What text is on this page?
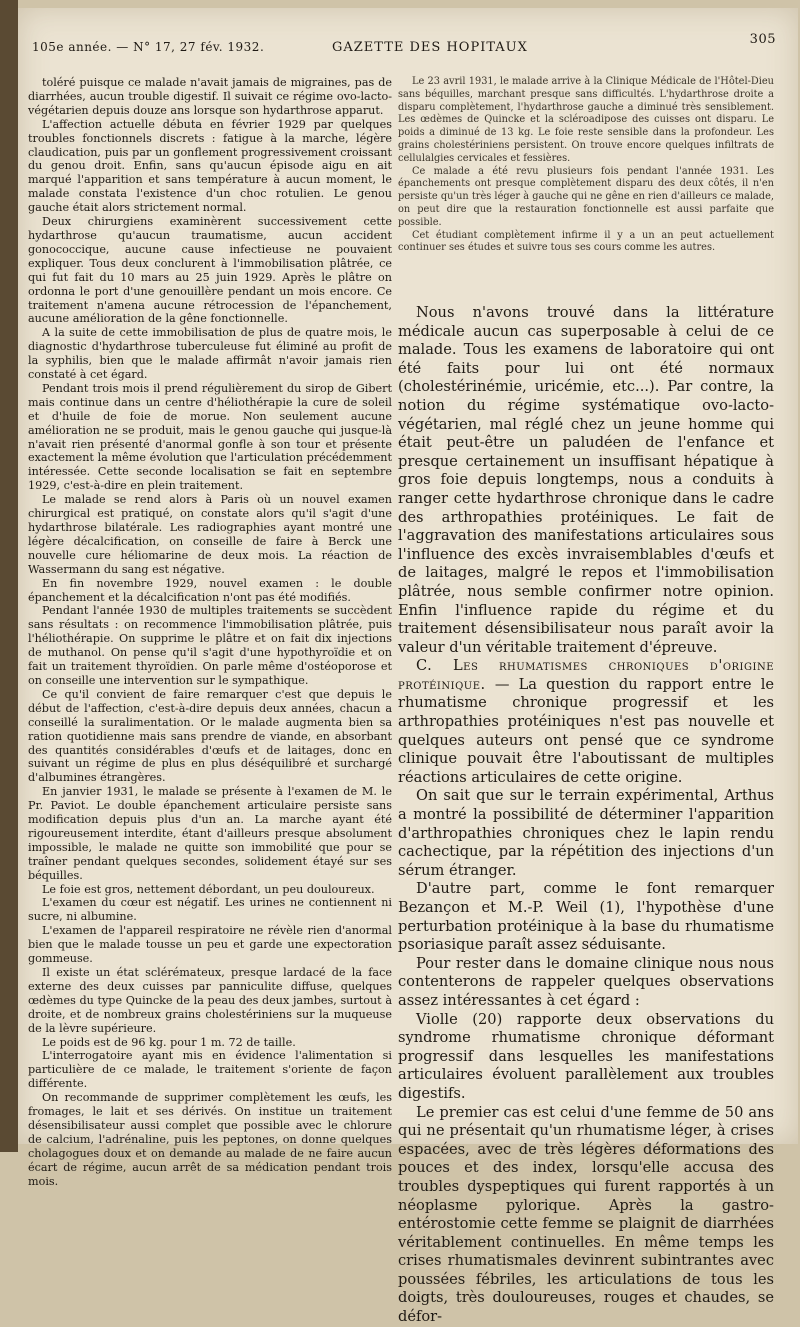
105e année. — N° 17, 27 fév. 1932.	GAZETTE DES HOPITAUX
305

toléré puisque ce malade n'avait jamais de migraines, pas de diarrhées, aucun trouble digestif. Il suivait ce régime ovo-lacto-végétarien depuis douze ans lorsque son hydarthrose apparut.

L'affection actuelle débuta en février 1929 par quelques troubles fonctionnels discrets : fatigue à la marche, légère claudication, puis par un gonflement progressivement croissant du genou droit. Enfin, sans qu'aucun épisode aigu en ait marqué l'apparition et sans température à aucun moment, le malade constata l'existence d'un choc rotulien. Le genou gauche était alors strictement normal.

Deux chirurgiens examinèrent successivement cette hydarthrose qu'aucun traumatisme, aucun accident gonococcique, aucune cause infectieuse ne pouvaient expliquer. Tous deux conclurent à l'immobilisation plâtrée, ce qui fut fait du 10 mars au 25 juin 1929. Après le plâtre on ordonna le port d'une genouillère pendant un mois encore. Ce traitement n'amena aucune rétrocession de l'épanchement, aucune amélioration de la gêne fonctionnelle.

A la suite de cette immobilisation de plus de quatre mois, le diagnostic d'hydarthrose tuberculeuse fut éliminé au profit de la syphilis, bien que le malade affirmât n'avoir jamais rien constaté à cet égard.

Pendant trois mois il prend régulièrement du sirop de Gibert mais continue dans un centre d'héliothérapie la cure de soleil et d'huile de foie de morue. Non seulement aucune amélioration ne se produit, mais le genou gauche qui jusque-là n'avait rien présenté d'anormal gonfle à son tour et présente exactement la même évolution que l'articulation précédemment intéressée. Cette seconde localisation se fait en septembre 1929, c'est-à-dire en plein traitement.

Le malade se rend alors à Paris où un nouvel examen chirurgical est pratiqué, on constate alors qu'il s'agit d'une hydarthrose bilatérale. Les radiographies ayant montré une légère décalcification, on conseille de faire à Berck une nouvelle cure héliomarine de deux mois. La réaction de Wassermann du sang est négative.

En fin novembre 1929, nouvel examen : le double épanchement et la décalcification n'ont pas été modifiés.

Pendant l'année 1930 de multiples traitements se succèdent sans résultats : on recommence l'immobilisation plâtrée, puis l'héliothérapie. On supprime le plâtre et on fait dix injections de muthanol. On pense qu'il s'agit d'une hypothyroïdie et on fait un traitement thyroïdien. On parle même d'ostéoporose et on conseille une intervention sur le sympathique.

Ce qu'il convient de faire remarquer c'est que depuis le début de l'affection, c'est-à-dire depuis deux années, chacun a conseillé la suralimentation. Or le malade augmenta bien sa ration quotidienne mais sans prendre de viande, en absorbant des quantités considérables d'œufs et de laitages, donc en suivant un régime de plus en plus déséquilibré et surchargé d'albumines étrangères.

En janvier 1931, le malade se présente à l'examen de M. le Pr. Paviot. Le double épanchement articulaire persiste sans modification depuis plus d'un an. La marche ayant été rigoureusement interdite, étant d'ailleurs presque absolument impossible, le malade ne quitte son immobilité que pour se traîner pendant quelques secondes, solidement étayé sur ses béquilles.

Le foie est gros, nettement débordant, un peu douloureux.

L'examen du cœur est négatif. Les urines ne contiennent ni sucre, ni albumine.

L'examen de l'appareil respiratoire ne révèle rien d'anormal bien que le malade tousse un peu et garde une expectoration gommeuse.

Il existe un état sclérémateux, presque lardacé de la face externe des deux cuisses par panniculite diffuse, quelques œdèmes du type Quincke de la peau des deux jambes, surtout à droite, et de nombreux grains cholestériniens sur la muqueuse de la lèvre supérieure.

Le poids est de 96 kg. pour 1 m. 72 de taille.

L'interrogatoire ayant mis en évidence l'alimentation si particulière de ce malade, le traitement s'oriente de façon différente.

On recommande de supprimer complètement les œufs, les fromages, le lait et ses dérivés. On institue un traitement désensibilisateur aussi complet que possible avec le chlorure de calcium, l'adrénaline, puis les peptones, on donne quelques cholagogues doux et on demande au malade de ne faire aucun écart de régime, aucun arrêt de sa médication pendant trois mois.

Le 23 avril 1931, le malade arrive à la Clinique Médicale de l'Hôtel-Dieu sans béquilles, marchant presque sans difficultés. L'hydarthrose droite a disparu complètement, l'hydarthrose gauche a diminué très sensiblement. Les œdèmes de Quincke et la scléroadipose des cuisses ont disparu. Le poids a diminué de 13 kg. Le foie reste sensible dans la profondeur. Les grains cholestériniens persistent. On trouve encore quelques infiltrats de cellulalgies cervicales et fessières.

Ce malade a été revu plusieurs fois pendant l'année 1931. Les épanchements ont presque complètement disparu des deux côtés, il n'en persiste qu'un très léger à gauche qui ne gêne en rien d'ailleurs ce malade, on peut dire que la restauration fonctionnelle est aussi parfaite que possible.

Cet étudiant complètement infirme il y a un an peut actuellement continuer ses études et suivre tous ses cours comme les autres.

Nous n'avons trouvé dans la littérature médicale aucun cas superposable à celui de ce malade. Tous les examens de laboratoire qui ont été faits pour lui ont été normaux (cholestérinémie, uricémie, etc...). Par contre, la notion du régime systématique ovo-lacto-végétarien, mal réglé chez un jeune homme qui était peut-être un paludéen de l'enfance et presque certainement un insuffisant hépatique à gros foie depuis longtemps, nous a conduits à ranger cette hydarthrose chronique dans le cadre des arthropathies protéiniques. Le fait de l'aggravation des manifestations articulaires sous l'influence des excès invraisemblables d'œufs et de laitages, malgré le repos et l'immobilisation plâtrée, nous semble confirmer notre opinion. Enfin l'influence rapide du régime et du traitement désensibilisateur nous paraît avoir la valeur d'un véritable traitement d'épreuve.

C. Les rhumatismes chroniques d'origine protéinique. — La question du rapport entre le rhumatisme chronique progressif et les arthropathies protéiniques n'est pas nouvelle et quelques auteurs ont pensé que ce syndrome clinique pouvait être l'aboutissant de multiples réactions articulaires de cette origine.

On sait que sur le terrain expérimental, Arthus a montré la possibilité de déterminer l'apparition d'arthropathies chroniques chez le lapin rendu cachectique, par la répétition des injections d'un sérum étranger.

D'autre part, comme le font remarquer Bezançon et M.-P. Weil (1), l'hypothèse d'une perturbation protéinique à la base du rhumatisme psoriasique paraît assez séduisante.

Pour rester dans le domaine clinique nous nous contenterons de rappeler quelques observations assez intéressantes à cet égard :

Violle (20) rapporte deux observations du syndrome rhumatisme chronique déformant progressif dans lesquelles les manifestations articulaires évoluent parallèlement aux troubles digestifs.

Le premier cas est celui d'une femme de 50 ans qui ne présentait qu'un rhumatisme léger, à crises espacées, avec de très légères déformations des pouces et des index, lorsqu'elle accusa des troubles dyspeptiques qui furent rapportés à un néoplasme pylorique. Après la gastro-entérostomie cette femme se plaignit de diarrhées véritablement continuelles. En même temps les crises rhumatismales devinrent subintrantes avec poussées fébriles, les articulations de tous les doigts, très douloureuses, rouges et chaudes, se défor-
